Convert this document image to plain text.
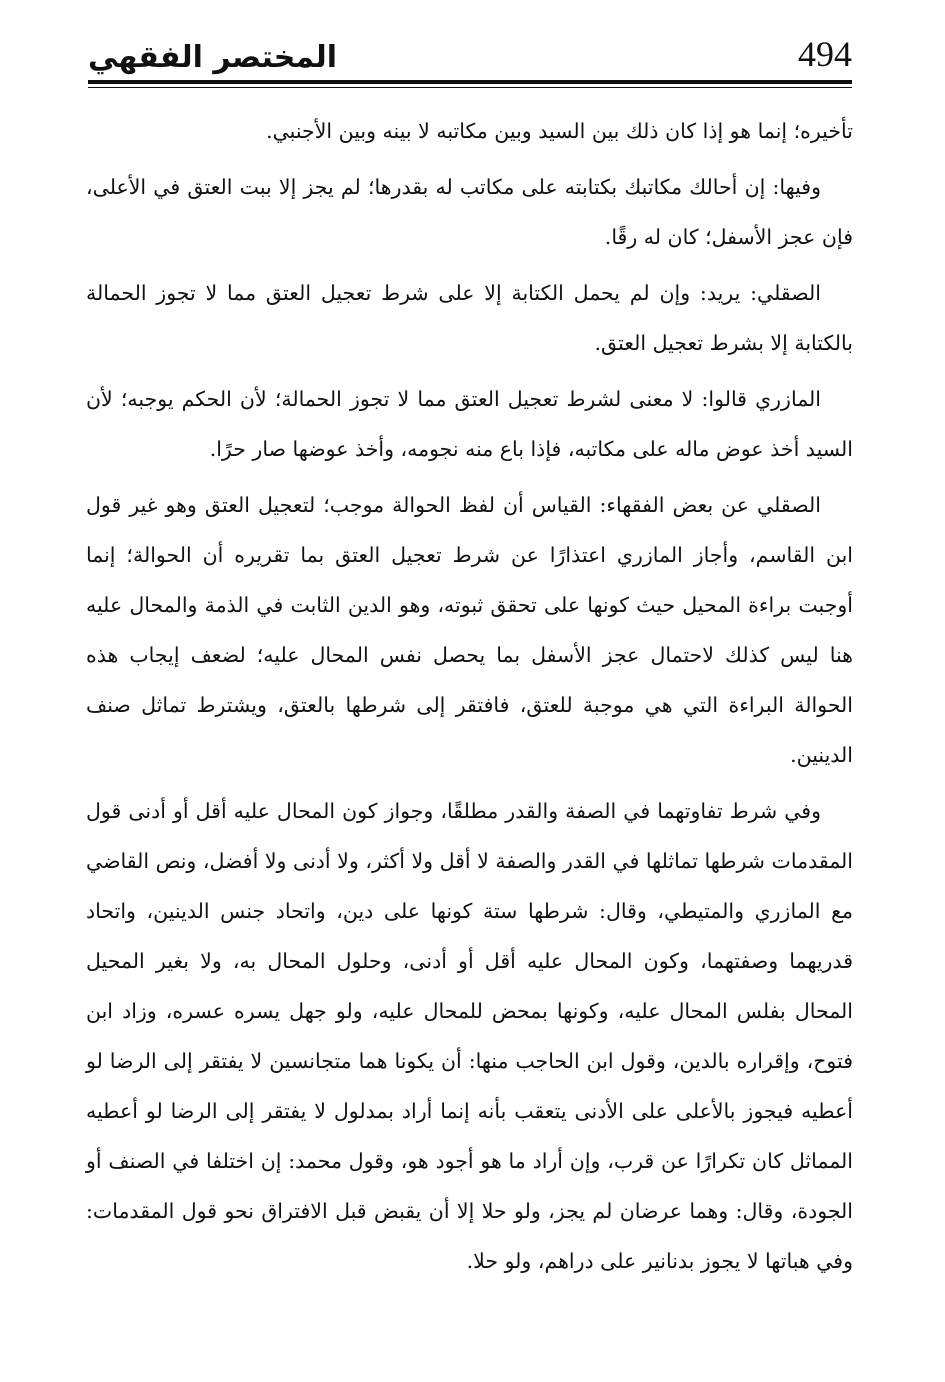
المختصر الفقهي	494

تأخيره؛ إنما هو إذا كان ذلك بين السيد وبين مكاتبه لا بينه وبين الأجنبي.

وفيها: إن أحالك مكاتبك بكتابته على مكاتب له بقدرها؛ لم يجز إلا ببت العتق في الأعلى، فإن عجز الأسفل؛ كان له رقًا.

الصقلي: يريد: وإن لم يحمل الكتابة إلا على شرط تعجيل العتق مما لا تجوز الحمالة بالكتابة إلا بشرط تعجيل العتق.

المازري قالوا: لا معنى لشرط تعجيل العتق مما لا تجوز الحمالة؛ لأن الحكم يوجبه؛ لأن السيد أخذ عوض ماله على مكاتبه، فإذا باع منه نجومه، وأخذ عوضها صار حرًا.

الصقلي عن بعض الفقهاء: القياس أن لفظ الحوالة موجب؛ لتعجيل العتق وهو غير قول ابن القاسم، وأجاز المازري اعتذارًا عن شرط تعجيل العتق بما تقريره أن الحوالة؛ إنما أوجبت براءة المحيل حيث كونها على تحقق ثبوته، وهو الدين الثابت في الذمة والمحال عليه هنا ليس كذلك لاحتمال عجز الأسفل بما يحصل نفس المحال عليه؛ لضعف إيجاب هذه الحوالة البراءة التي هي موجبة للعتق، فافتقر إلى شرطها بالعتق، ويشترط تماثل صنف الدينين.

وفي شرط تفاوتهما في الصفة والقدر مطلقًا، وجواز كون المحال عليه أقل أو أدنى قول المقدمات شرطها تماثلها في القدر والصفة لا أقل ولا أكثر، ولا أدنى ولا أفضل، ونص القاضي مع المازري والمتيطي، وقال: شرطها ستة كونها على دين، واتحاد جنس الدينين، واتحاد قدريهما وصفتهما، وكون المحال عليه أقل أو أدنى، وحلول المحال به، ولا بغير المحيل المحال بفلس المحال عليه، وكونها بمحض للمحال عليه، ولو جهل يسره عسره، وزاد ابن فتوح، وإقراره بالدين، وقول ابن الحاجب منها: أن يكونا هما متجانسين لا يفتقر إلى الرضا لو أعطيه فيجوز بالأعلى على الأدنى يتعقب بأنه إنما أراد بمدلول لا يفتقر إلى الرضا لو أعطيه المماثل كان تكرارًا عن قرب، وإن أراد ما هو أجود هو، وقول محمد: إن اختلفا في الصنف أو الجودة، وقال: وهما عرضان لم يجز، ولو حلا إلا أن يقبض قبل الافتراق نحو قول المقدمات: وفي هباتها لا يجوز بدنانير على دراهم، ولو حلا.
